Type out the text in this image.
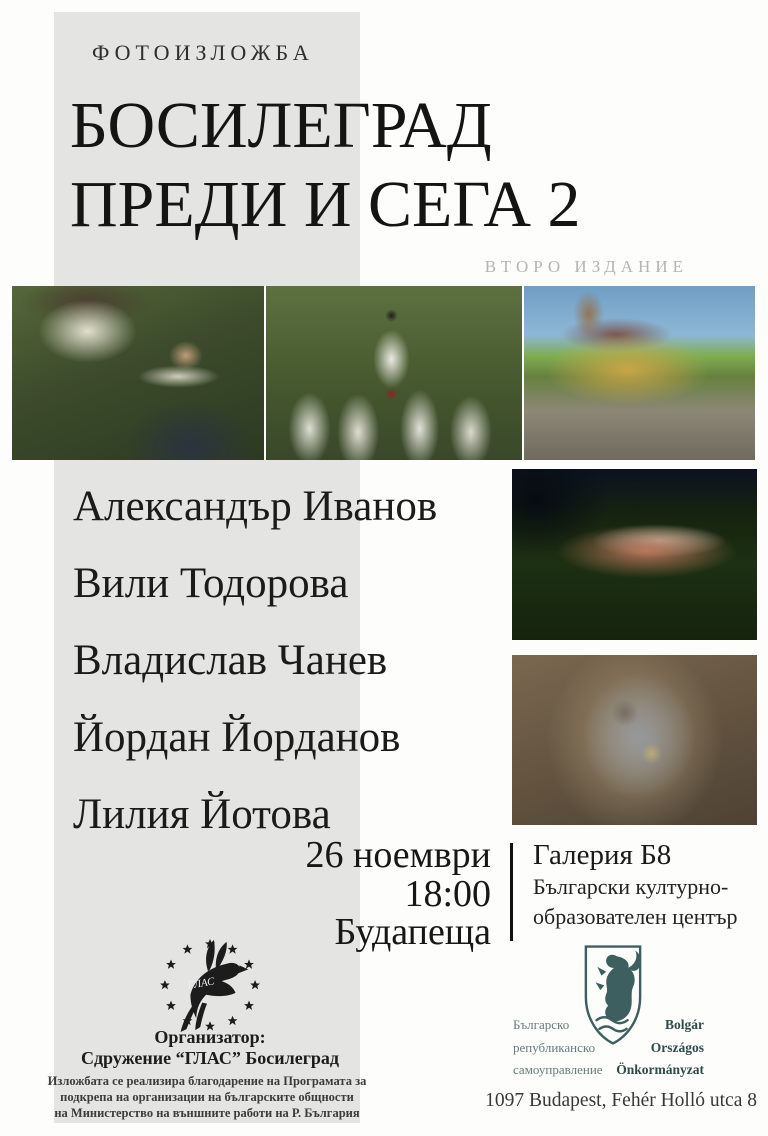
ФОТОИЗЛОЖБА
БОСИЛЕГРАД
ПРЕДИ И СЕГА 2
ВТОРО ИЗДАНИЕ
Александър Иванов
Вили Тодорова
Владислав Чанев
Йордан Йорданов
Лилия Йотова
26 ноември
18:00
Будапеща
Галерия Б8
Български културно-
образователен център
ГЛАС
Организатор:
Сдружение “ГЛАС” Босилеград
Изложбата се реализира благодарение на Програмата за
подкрепа на организации на българските общности
на Министерство на външните работи на Р. България
Българско
републиканско
самоуправление
Bolgár
Országos
Önkormányzat
1097 Budapest, Fehér Holló utca 8
